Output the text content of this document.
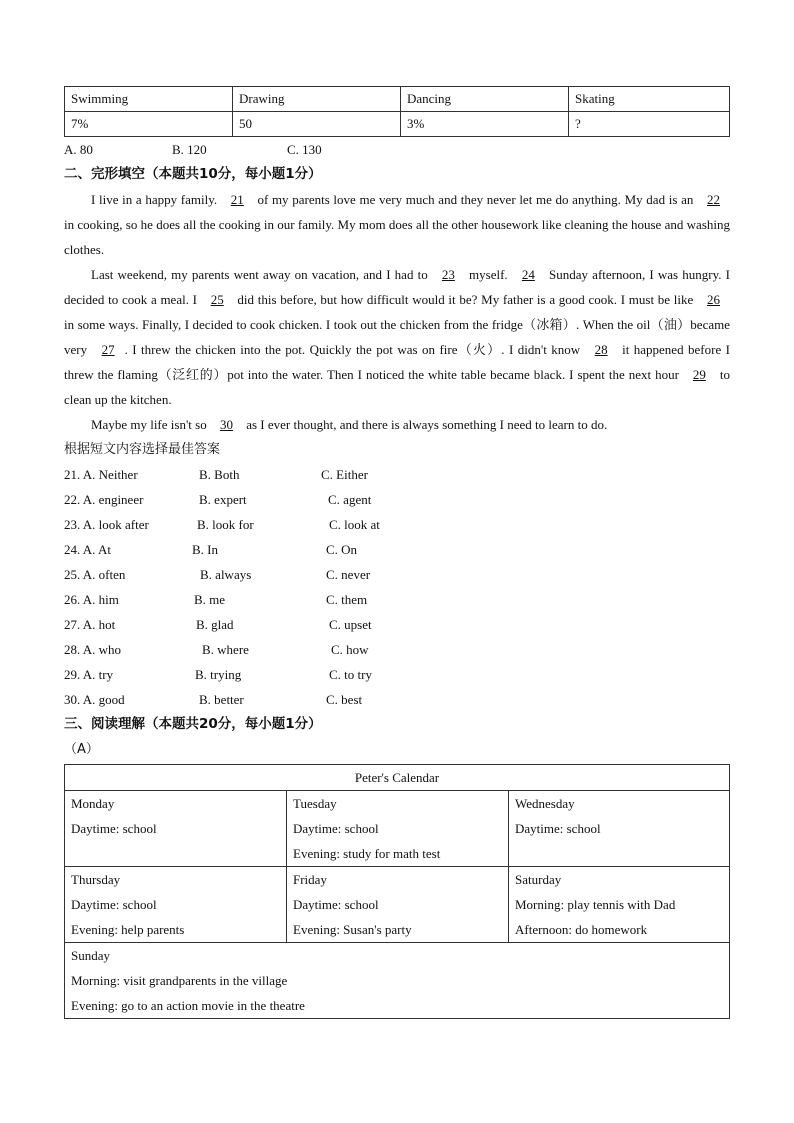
Swimming	Drawing	Dancing	Skating
7%	50	3%	?
A. 80	B. 120	C. 130
二、完形填空（本题共10分，每小题1分）

I live in a happy family. 21 of my parents love me very much and they never let me do anything. My dad is an 22 in cooking, so he does all the cooking in our family. My mom does all the other housework like cleaning the house and washing clothes.

Last weekend, my parents went away on vacation, and I had to 23 myself. 24 Sunday afternoon, I was hungry. I decided to cook a meal. I 25 did this before, but how difficult would it be? My father is a good cook. I must be like 26 in some ways. Finally, I decided to cook chicken. I took out the chicken from the fridge（冰箱）. When the oil（油）became very 27 . I threw the chicken into the pot. Quickly the pot was on fire（火）. I didn't know 28 it happened before I threw the flaming（泛红的）pot into the water. Then I noticed the white table became black. I spent the next hour 29 to clean up the kitchen.

Maybe my life isn't so 30 as I ever thought, and there is always something I need to learn to do.

根据短文内容选择最佳答案
21. A. Neither	B. Both	C. Either
22. A. engineer	B. expert	C. agent
23. A. look after	B. look for	C. look at
24. A. At	B. In	C. On
25. A. often	B. always	C. never
26. A. him	B. me	C. them
27. A. hot	B. glad	C. upset
28. A. who	B. where	C. how
29. A. try	B. trying	C. to try
30. A. good	B. better	C. best
三、阅读理解（本题共20分，每小题1分）
（A）
Peter's Calendar		

Monday
Daytime: school	Tuesday
Daytime: school
Evening: study for math test	Wednesday
Daytime: school

Thursday
Daytime: school
Evening: help parents	Friday
Daytime: school
Evening: Susan's party	Saturday
Morning: play tennis with Dad
Afternoon: do homework

Sunday
Morning: visit grandparents in the village
Evening: go to an action movie in the theatre		
